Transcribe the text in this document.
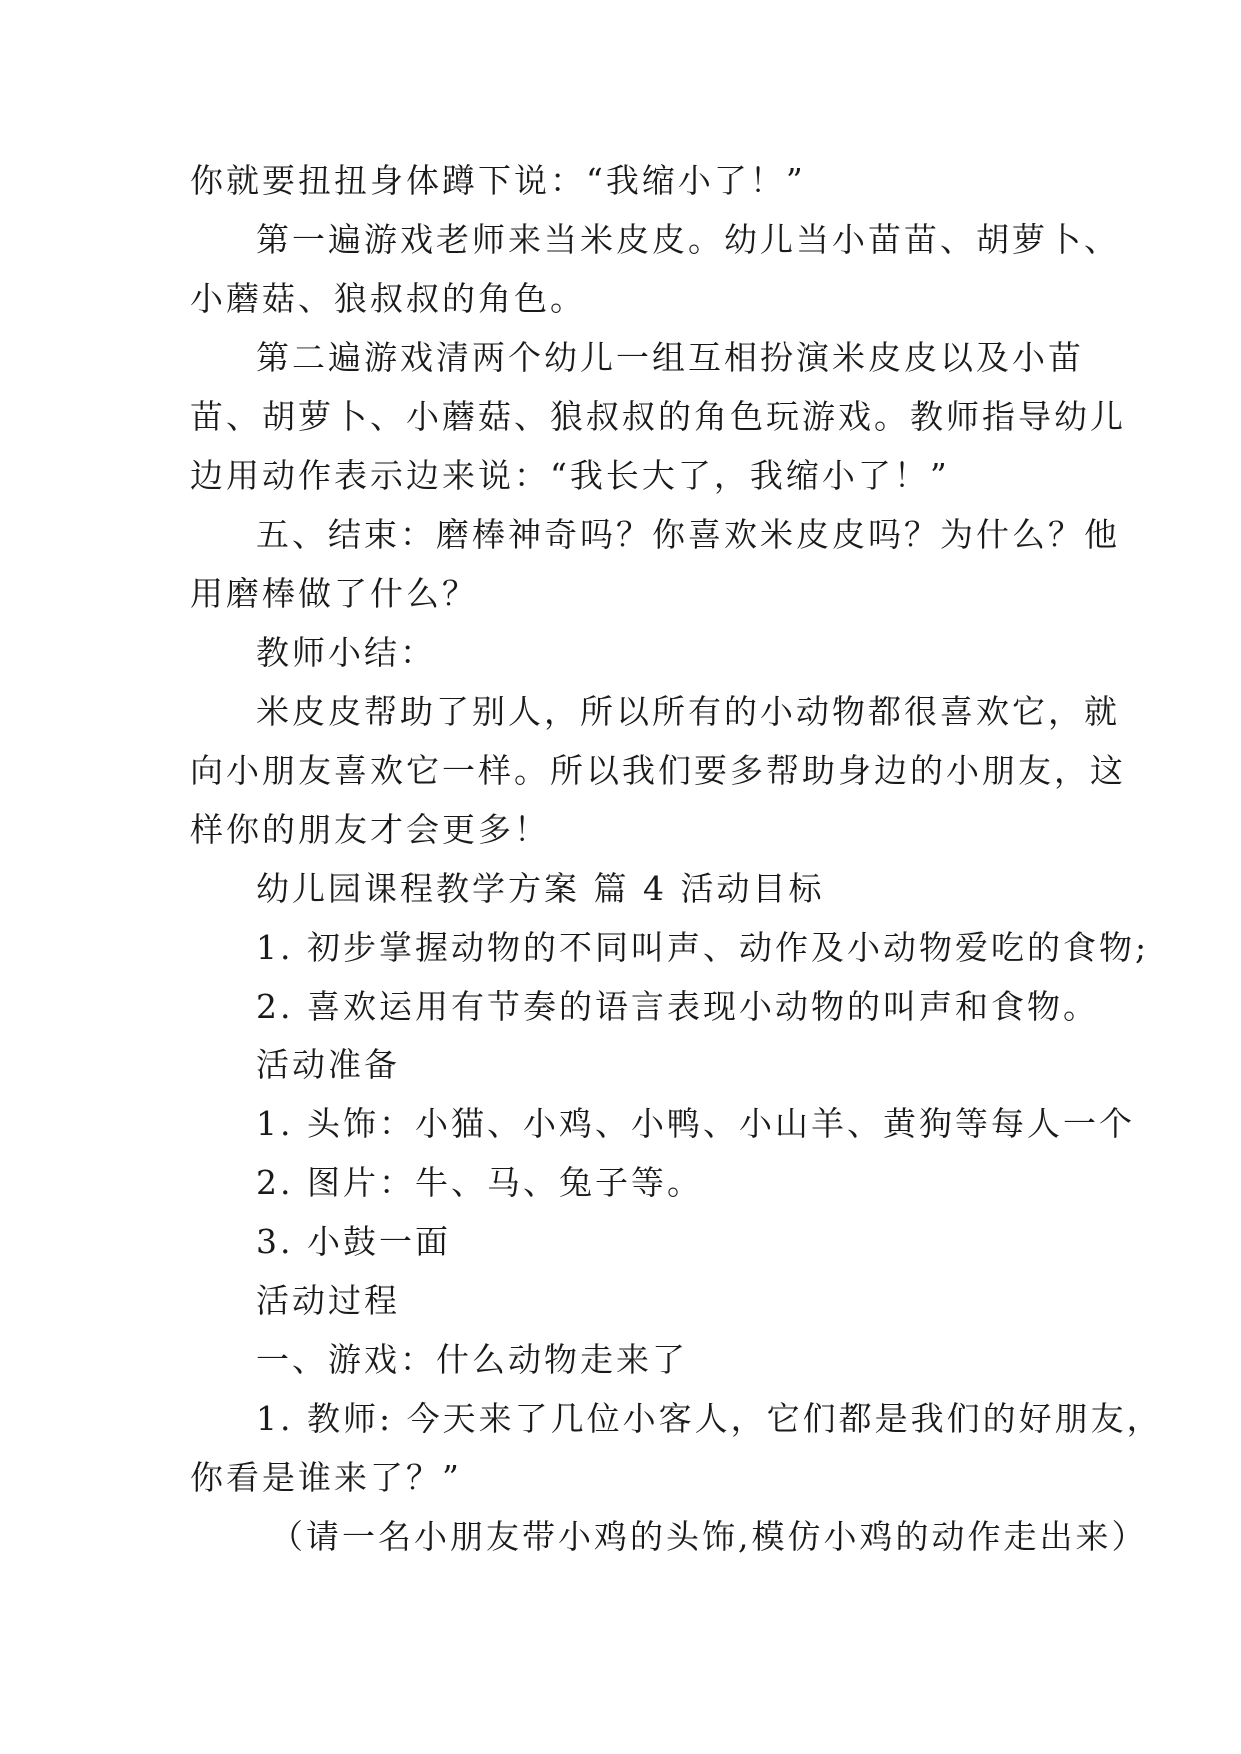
你就要扭扭身体蹲下说：“我缩小了！”
第一遍游戏老师来当米皮皮。幼儿当小苗苗、胡萝卜、
小蘑菇、狼叔叔的角色。
第二遍游戏清两个幼儿一组互相扮演米皮皮以及小苗
苗、胡萝卜、小蘑菇、狼叔叔的角色玩游戏。教师指导幼儿
边用动作表示边来说：“我长大了，我缩小了！”
五、结束：磨棒神奇吗？你喜欢米皮皮吗？为什么？他
用磨棒做了什么？
教师小结：
米皮皮帮助了别人，所以所有的小动物都很喜欢它，就
向小朋友喜欢它一样。所以我们要多帮助身边的小朋友，这
样你的朋友才会更多！
幼儿园课程教学方案 篇 4 活动目标
1. 初步掌握动物的不同叫声、动作及小动物爱吃的食物;
2. 喜欢运用有节奏的语言表现小动物的叫声和食物。
活动准备
1. 头饰：小猫、小鸡、小鸭、小山羊、黄狗等每人一个
2. 图片：牛、马、兔子等。
3. 小鼓一面
活动过程
一、游戏：什么动物走来了
1. 教师: 今天来了几位小客人，它们都是我们的好朋友，
你看是谁来了？”
（请一名小朋友带小鸡的头饰,模仿小鸡的动作走出来）
